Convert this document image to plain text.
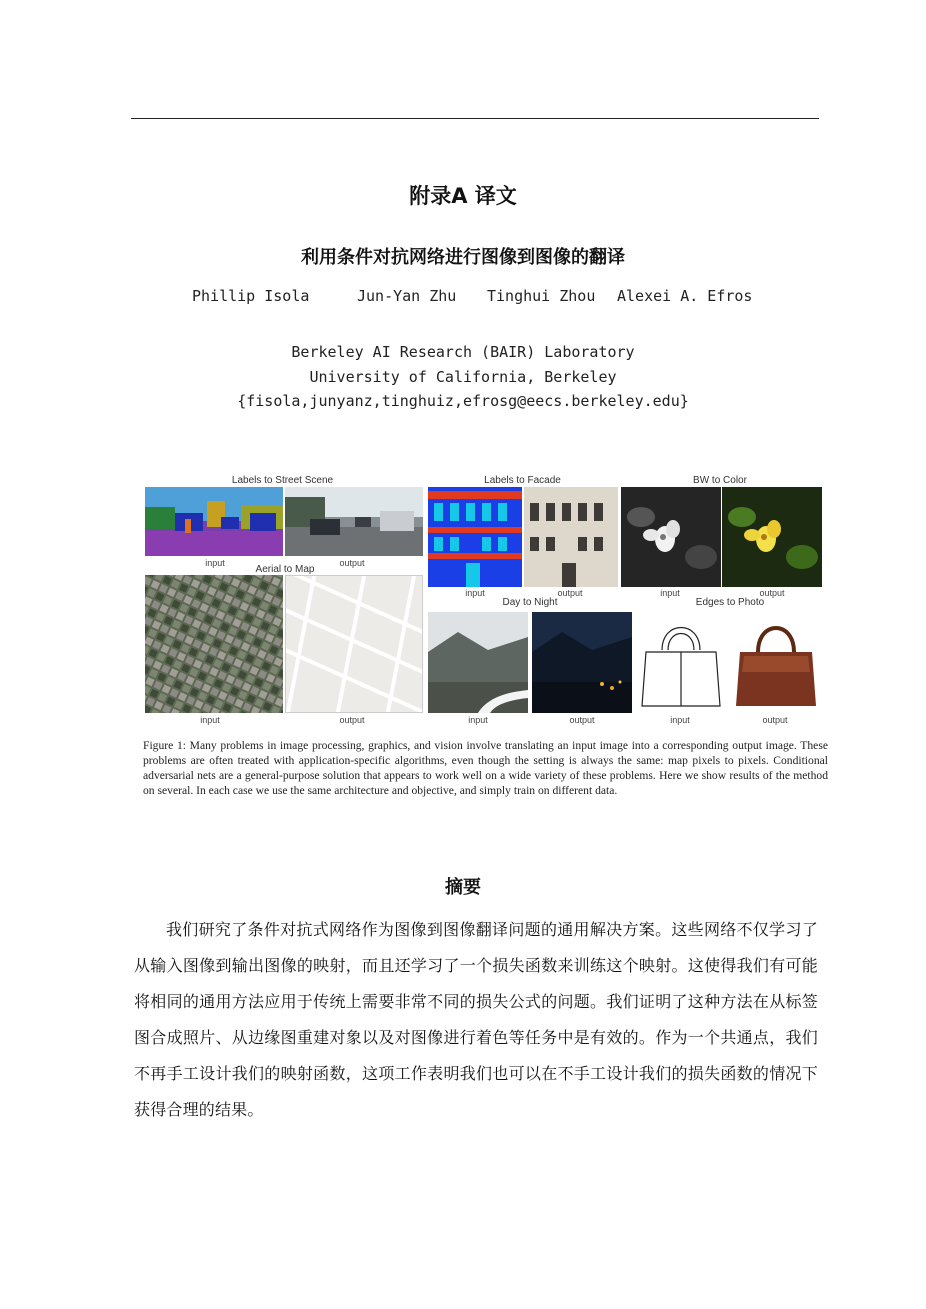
附录A 译文
利用条件对抗网络进行图像到图像的翻译
Phillip Isola	Jun-Yan Zhu Tinghui Zhou Alexei A. Efros
Berkeley AI Research (BAIR) Laboratory
University of California, Berkeley
{fisola,junyanz,tinghuiz,efrosg@eecs.berkeley.edu}
Labels to Street Scene
input	output
Aerial to Map
input	output
Labels to Facade
input	output
BW to Color
input	output
Day to Night
input	output
Edges to Photo
input	output
Figure 1: Many problems in image processing, graphics, and vision involve translating an input image into a corresponding output image. These problems are often treated with application-specific algorithms, even though the setting is always the same: map pixels to pixels. Conditional adversarial nets are a general-purpose solution that appears to work well on a wide variety of these problems. Here we show results of the method on several. In each case we use the same architecture and objective, and simply train on different data.
摘要
我们研究了条件对抗式网络作为图像到图像翻译问题的通用解决方案。这些网络不仅学习了从输入图像到输出图像的映射，而且还学习了一个损失函数来训练这个映射。这使得我们有可能将相同的通用方法应用于传统上需要非常不同的损失公式的问题。我们证明了这种方法在从标签图合成照片、从边缘图重建对象以及对图像进行着色等任务中是有效的。作为一个共通点，我们不再手工设计我们的映射函数，这项工作表明我们也可以在不手工设计我们的损失函数的情况下获得合理的结果。
